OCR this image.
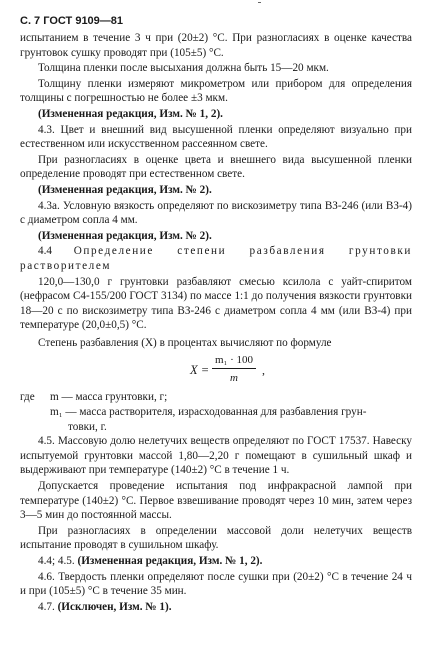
С. 7 ГОСТ 9109—81
испытанием в течение 3 ч при (20±2) °С. При разногласиях в оценке качества грунтовок сушку проводят при (105±5) °С.
Толщина пленки после высыхания должна быть 15—20 мкм.
Толщину пленки измеряют микрометром или прибором для определения толщины с погрешностью не более ±3 мкм.
(Измененная редакция, Изм. № 1, 2).
4.3. Цвет и внешний вид высушенной пленки определяют визуально при естественном или искусственном рассеянном свете.
При разногласиях в оценке цвета и внешнего вида высушенной пленки определение проводят при естественном свете.
(Измененная редакция, Изм. № 2).
4.3а. Условную вязкость определяют по вискозиметру типа ВЗ-246 (или ВЗ-4) с диаметром сопла 4 мм.
(Измененная редакция, Изм. № 2).
4.4 Определение степени разбавления грунтовки растворителем
120,0—130,0 г грунтовки разбавляют смесью ксилола с уайт-спиритом (нефрасом С4-155/200 ГОСТ 3134) по массе 1:1 до получения вязкости грунтовки 18—20 с по вискозиметру типа ВЗ-246 с диаметром сопла 4 мм (или ВЗ-4) при температуре (20,0±0,5) °С.
Степень разбавления (X) в процентах вычисляют по формуле
X =
m₁ · 100
m
,
где	m — масса грунтовки, г;
m₁ — масса растворителя, израсходованная для разбавления грун-
товки, г.
4.5. Массовую долю нелетучих веществ определяют по ГОСТ 17537. Навеску испытуемой грунтовки массой 1,80—2,20 г помещают в сушильный шкаф и выдерживают при температуре (140±2) °С в течение 1 ч.
Допускается проведение испытания под инфракрасной лампой при температуре (140±2) °С. Первое взвешивание проводят через 10 мин, затем через 3—5 мин до постоянной массы.
При разногласиях в определении массовой доли нелетучих веществ испытание проводят в сушильном шкафу.
4.4; 4.5. (Измененная редакция, Изм. № 1, 2).
4.6. Твердость пленки определяют после сушки при (20±2) °С в течение 24 ч и при (105±5) °С в течение 35 мин.
4.7. (Исключен, Изм. № 1).
